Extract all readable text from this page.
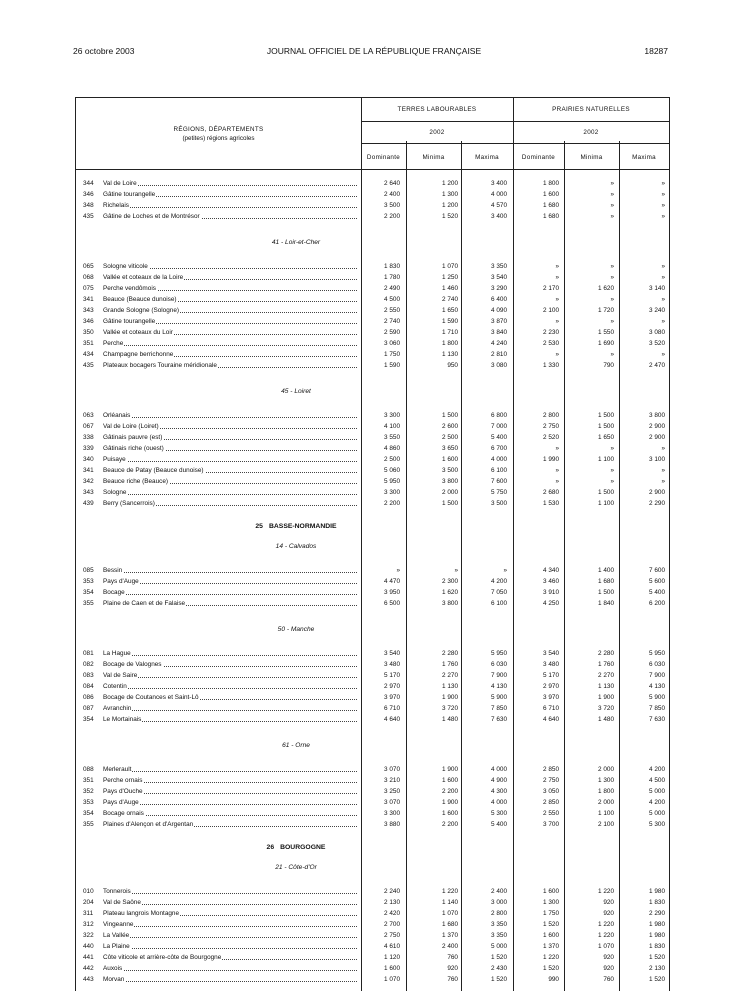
26 octobre 2003	JOURNAL OFFICIEL DE LA RÉPUBLIQUE FRANÇAISE	18287
TERRES LABOURABLES	PRAIRIES NATURELLES
2002	2002
RÉGIONS, DÉPARTEMENTS
(petites) régions agricoles
Dominante	Minima	Maxima	Dominante	Minima	Maxima
344	Val de Loire	2 640	1 200	3 400	1 800	»	»
346	Gâtine tourangelle	2 400	1 300	4 000	1 600	»	»
348	Richelais	3 500	1 200	4 570	1 680	»	»
435	Gâtine de Loches et de Montrésor	2 200	1 520	3 400	1 680	»	»
41 - Loir-et-Cher
065	Sologne viticole	1 830	1 070	3 350	»	»	»
068	Vallée et coteaux de la Loire	1 780	1 250	3 540	»	»	»
075	Perche vendômois	2 490	1 460	3 290	2 170	1 620	3 140
341	Beauce (Beauce dunoise)	4 500	2 740	6 400	»	»	»
343	Grande Sologne (Sologne)	2 550	1 650	4 090	2 100	1 720	3 240
346	Gâtine tourangelle	2 740	1 590	3 870	»	»	»
350	Vallée et coteaux du Loir	2 590	1 710	3 840	2 230	1 550	3 080
351	Perche	3 060	1 800	4 240	2 530	1 690	3 520
434	Champagne berrichonne	1 750	1 130	2 810	»	»	»
435	Plateaux bocagers Touraine méridionale	1 590	950	3 080	1 330	790	2 470
45 - Loiret
063	Orléanais	3 300	1 500	6 800	2 800	1 500	3 800
067	Val de Loire (Loiret)	4 100	2 600	7 000	2 750	1 500	2 900
338	Gâtinais pauvre (est)	3 550	2 500	5 400	2 520	1 650	2 900
339	Gâtinais riche (ouest)	4 860	3 650	6 700	»	»	»
340	Puisaye	2 500	1 600	4 000	1 990	1 100	3 100
341	Beauce de Patay (Beauce dunoise)	5 060	3 500	6 100	»	»	»
342	Beauce riche (Beauce)	5 950	3 800	7 600	»	»	»
343	Sologne	3 300	2 000	5 750	2 680	1 500	2 900
439	Berry (Sancerrois)	2 200	1 500	3 500	1 530	1 100	2 290
25 BASSE-NORMANDIE
14 - Calvados
085	Bessin	»	»	»	4 340	1 400	7 600
353	Pays d'Auge	4 470	2 300	4 200	3 460	1 680	5 600
354	Bocage	3 950	1 620	7 050	3 910	1 500	5 400
355	Plaine de Caen et de Falaise	6 500	3 800	6 100	4 250	1 840	6 200
50 - Manche
081	La Hague	3 540	2 280	5 950	3 540	2 280	5 950
082	Bocage de Valognes	3 480	1 760	6 030	3 480	1 760	6 030
083	Val de Saire	5 170	2 270	7 900	5 170	2 270	7 900
084	Cotentin	2 970	1 130	4 130	2 970	1 130	4 130
086	Bocage de Coutances et Saint-Lô	3 970	1 900	5 900	3 970	1 900	5 900
087	Avranchin	6 710	3 720	7 850	6 710	3 720	7 850
354	Le Mortainais	4 640	1 480	7 630	4 640	1 480	7 630
61 - Orne
088	Merlerault	3 070	1 900	4 000	2 850	2 000	4 200
351	Perche ornais	3 210	1 600	4 900	2 750	1 300	4 500
352	Pays d'Ouche	3 250	2 200	4 300	3 050	1 800	5 000
353	Pays d'Auge	3 070	1 900	4 000	2 850	2 000	4 200
354	Bocage ornais	3 300	1 600	5 300	2 550	1 100	5 000
355	Plaines d'Alençon et d'Argentan	3 880	2 200	5 400	3 700	2 100	5 300
26 BOURGOGNE
21 - Côte-d'Or
010	Tonnerois	2 240	1 220	2 400	1 600	1 220	1 980
204	Val de Saône	2 130	1 140	3 000	1 300	920	1 830
311	Plateau langrois Montagne	2 420	1 070	2 800	1 750	920	2 290
312	Vingeanne	2 700	1 680	3 350	1 520	1 220	1 980
322	La Vallée	2 750	1 370	3 350	1 600	1 220	1 980
440	La Plaine	4 610	2 400	5 000	1 370	1 070	1 830
441	Côte viticole et arrière-côte de Bourgogne	1 120	760	1 520	1 220	920	1 520
442	Auxois	1 600	920	2 430	1 520	920	2 130
443	Morvan	1 070	760	1 520	990	760	1 520
